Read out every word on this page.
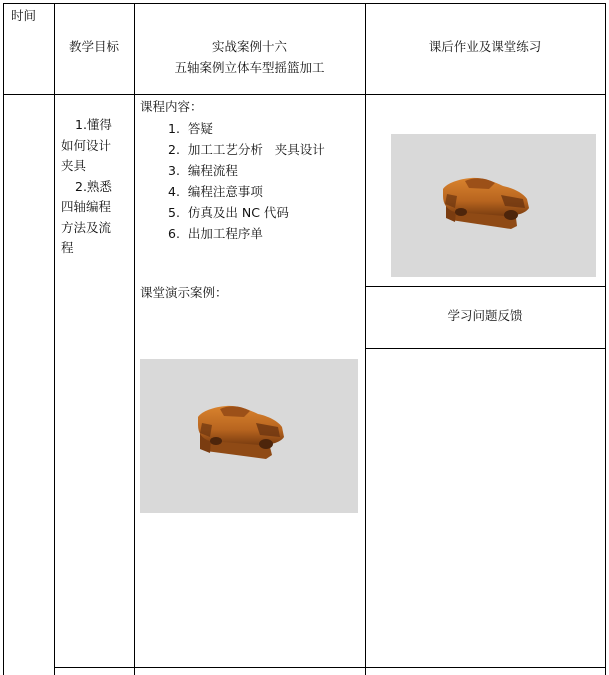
时间
教学目标	实战案例十六
五轴案例立体车型摇篮加工
课后作业及课堂练习
1.懂得
如何设计
夹具
2.熟悉
四轴编程
方法及流
程
课程内容：
1.  答疑
2.  加工工艺分析   夹具设计
3.  编程流程
4.  编程注意事项
5.  仿真及出 NC 代码
6.  出加工程序单
课堂演示案例：
学习问题反馈
